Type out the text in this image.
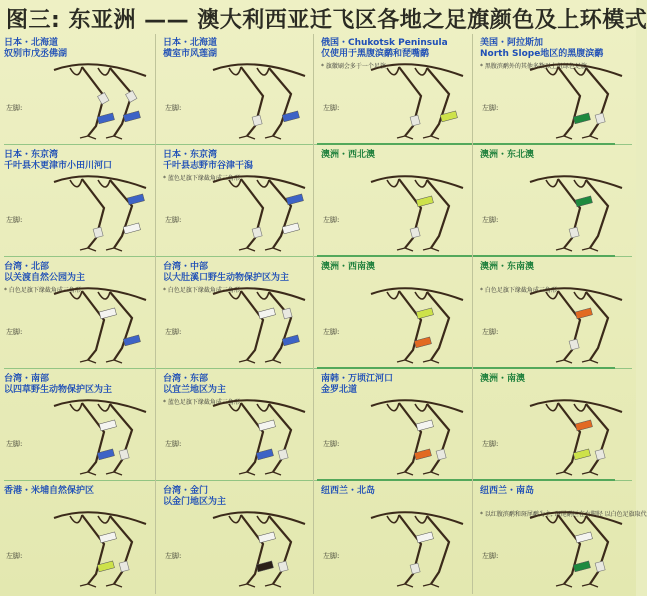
图三: 东亚洲 —— 澳大利西亚迁飞区各地之足旗颜色及上环模式
日本・北海道
奴别市戊丞佛湖
左脚:
日本・北海道
横室市风莲湖
左脚:
俄国・Chukotsk Peninsula
仅使用于黑腹滨鹬和琵嘴鹬
* 旗徽刷会多于一个足旗
左脚:
美国・阿拉斯加
North Slope地区的黑腹滨鹬
* 黑腹滨鹬外的其他多数以上组绿色足旗
左脚:
日本・东京湾
千叶县木更津市小田川河口
左脚:
日本・东京湾
千叶县志野市谷津干潟
* 蓝色足旗下缘截角成三角形
左脚:
澳洲・西北澳
左脚:
澳洲・东北澳
左脚:
台湾・北部
以关渡自然公园为主
* 白色足旗下缘截角成三角形
左脚:
台湾・中部
以大肚溪口野生动物保护区为主
* 白色足旗下缘截角成三角形
左脚:
澳洲・西南澳
左脚:
澳洲・东南澳
* 白色足旗下缘截角成三角形
左脚:
台湾・南部
以四草野生动物保护区为主
左脚:
台湾・东部
以宜兰地区为主
* 蓝色足旗下缘截角成三角形
左脚:
南韩・万顷江河口
金罗北道
左脚:
澳洲・南澳
左脚:
香港・米埔自然保护区
左脚:
台湾・金门
以金门地区为主
左脚:
纽西兰・北岛
左脚:
纽西兰・南岛
* 以红腹滨鹬和斑尾鹬为主, 斑尾鹬区在右脚胫 以白色足旗取代
左脚:
